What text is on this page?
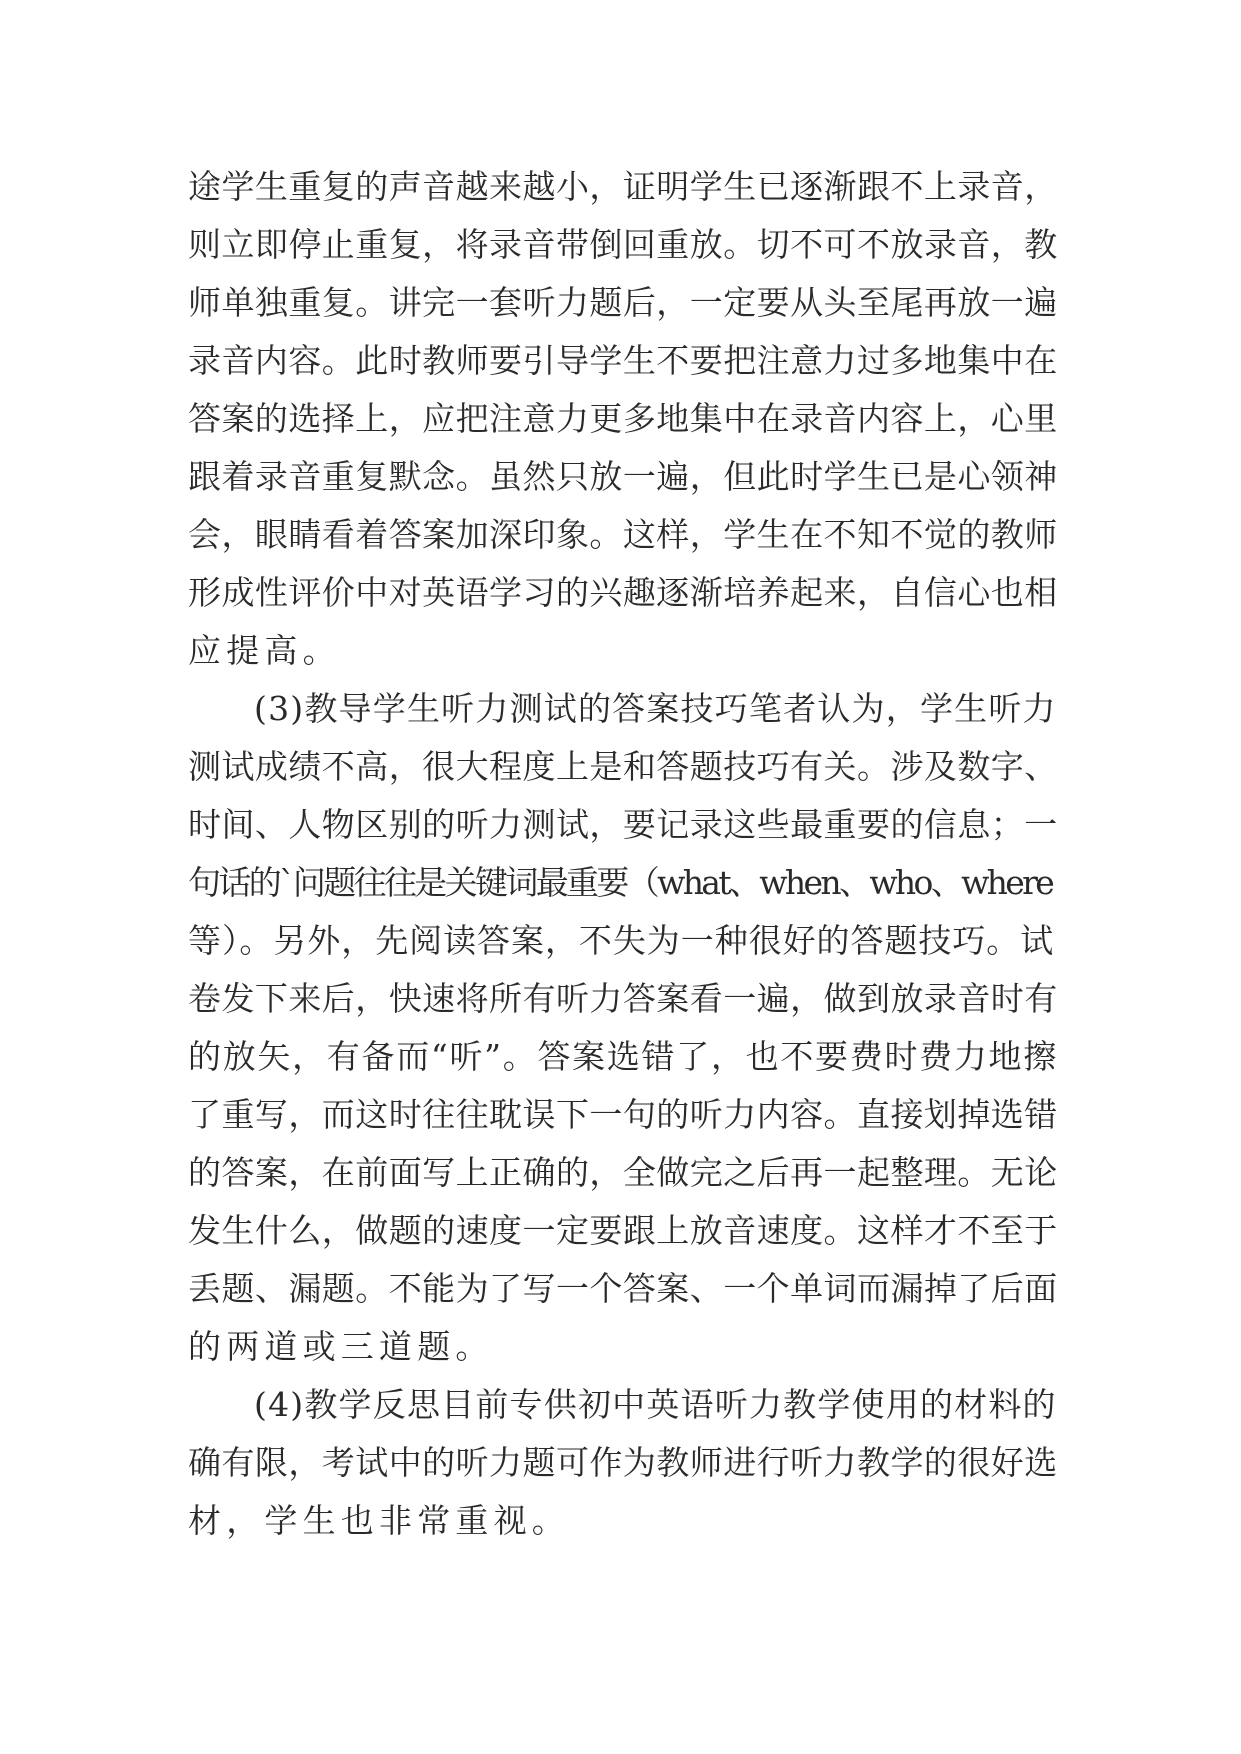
途学生重复的声音越来越小，证明学生已逐渐跟不上录音，
则立即停止重复，将录音带倒回重放。切不可不放录音，教
师单独重复。讲完一套听力题后，一定要从头至尾再放一遍
录音内容。此时教师要引导学生不要把注意力过多地集中在
答案的选择上，应把注意力更多地集中在录音内容上，心里
跟着录音重复默念。虽然只放一遍，但此时学生已是心领神
会，眼睛看着答案加深印象。这样，学生在不知不觉的教师
形成性评价中对英语学习的兴趣逐渐培养起来，自信心也相
应提高。
(3)教导学生听力测试的答案技巧笔者认为，学生听力
测试成绩不高，很大程度上是和答题技巧有关。涉及数字、
时间、人物区别的听力测试，要记录这些最重要的信息；一
句话的`问题往往是关键词最重要（what、when、who、where
等）。另外，先阅读答案，不失为一种很好的答题技巧。试
卷发下来后，快速将所有听力答案看一遍，做到放录音时有
的放矢，有备而“听”。答案选错了，也不要费时费力地擦
了重写，而这时往往耽误下一句的听力内容。直接划掉选错
的答案，在前面写上正确的，全做完之后再一起整理。无论
发生什么，做题的速度一定要跟上放音速度。这样才不至于
丢题、漏题。不能为了写一个答案、一个单词而漏掉了后面
的两道或三道题。
(4)教学反思目前专供初中英语听力教学使用的材料的
确有限，考试中的听力题可作为教师进行听力教学的很好选
材，学生也非常重视。
